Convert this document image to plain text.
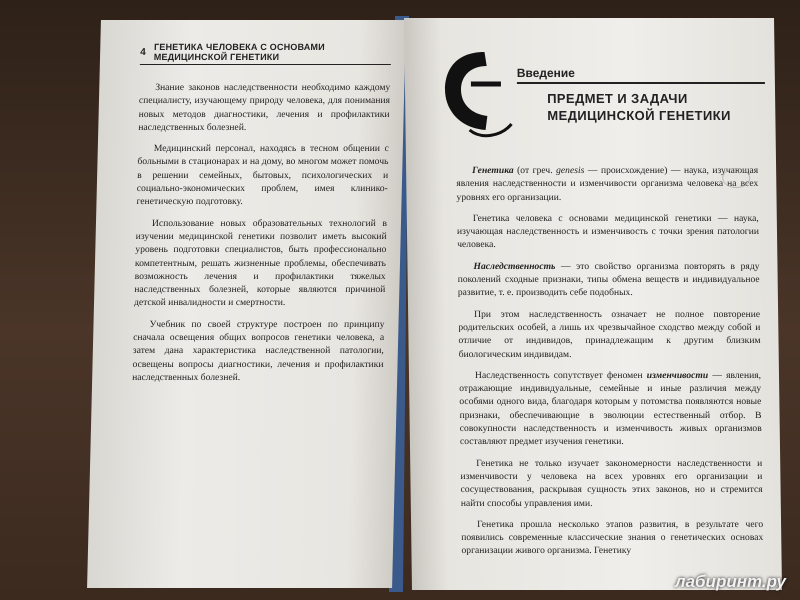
4 ГЕНЕТИКА ЧЕЛОВЕКА С ОСНОВАМИ МЕДИЦИНСКОЙ ГЕНЕТИКИ

Знание законов наследственности необходимо каждому специалисту, изучающему природу человека, для понимания новых методов диагностики, лечения и профилактики наследственных болезней.

Медицинский персонал, находясь в тесном общении с больными в стационарах и на дому, во многом может помочь в решении семейных, бытовых, психологических и социально-экономических проблем, имея клинико-генетическую подготовку.

Использование новых образовательных технологий в изучении медицинской генетики позволит иметь высокий уровень подготовки специалистов, быть профессионально компетентным, решать жизненные проблемы, обеспечивать возможность лечения и профилактики тяжелых наследственных болезней, которые являются причиной детской инвалидности и смертности.

Учебник по своей структуре построен по принципу сначала освещения общих вопросов генетики человека, а затем дана характеристика наследственной патологии, освещены вопросы диагностики, лечения и профилактики наследственных болезней.

Введение
ПРЕДМЕТ И ЗАДАЧИ
МЕДИЦИНСКОЙ ГЕНЕТИКИ

Генетика (от греч. genesis — происхождение) — наука, изучающая явления наследственности и изменчивости организма человека на всех уровнях его организации.

Генетика человека с основами медицинской генетики — наука, изучающая наследственность и изменчивость с точки зрения патологии человека.

Наследственность — это свойство организма повторять в ряду поколений сходные признаки, типы обмена веществ и индивидуальное развитие, т. е. производить себе подобных.

При этом наследственность означает не полное повторение родительских особей, а лишь их чрезвычайное сходство между собой и отличие от индивидов, принадлежащим к другим близким биологическим индивидам.

Наследственность сопутствует феномен изменчивости — явления, отражающие индивидуальные, семейные и иные различия между особями одного вида, благодаря которым у потомства появляются новые признаки, обеспечивающие в эволюции естественный отбор. В совокупности наследственность и изменчивость живых организмов составляют предмет изучения генетики.

Генетика не только изучает закономерности наследственности и изменчивости у человека на всех уровнях его организации и сосуществования, раскрывая сущность этих законов, но и стремится найти способы управления ими.

Генетика прошла несколько этапов развития, в результате чего появились современные классические знания о генетических основах организации живого организма. Генетику

лабиринт.ру
